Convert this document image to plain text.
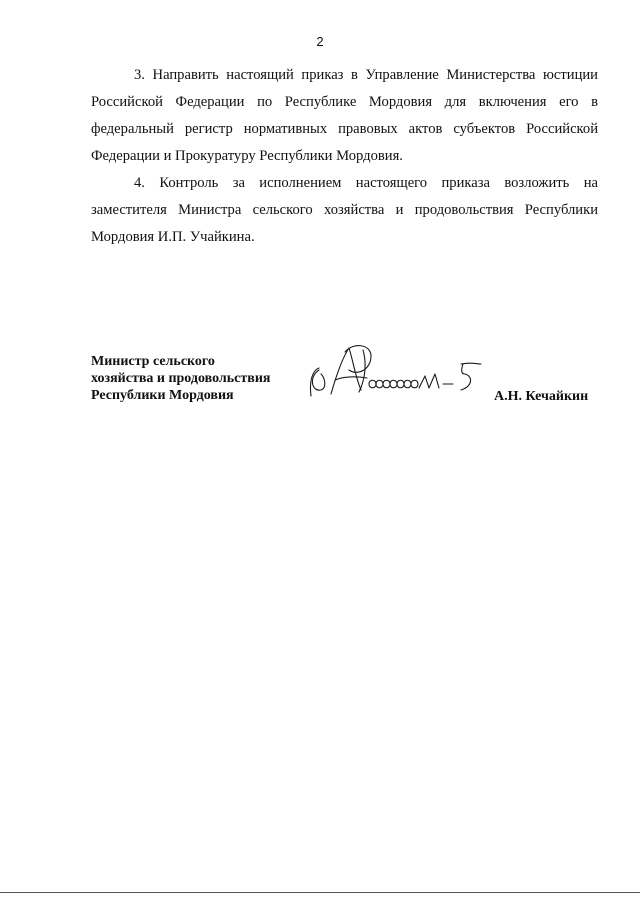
2

3. Направить настоящий приказ в Управление Министерства юстиции
Российской Федерации по Республике Мордовия для включения его в
федеральный регистр нормативных правовых актов субъектов Российской
Федерации и Прокуратуру Республики Мордовия.

4. Контроль за исполнением настоящего приказа возложить на
заместителя Министра сельского хозяйства и продовольствия Республики
Мордовия И.П. Учайкина.

Министр сельского
хозяйства и продовольствия
Республики Мордовия	А.Н. Кечайкин
